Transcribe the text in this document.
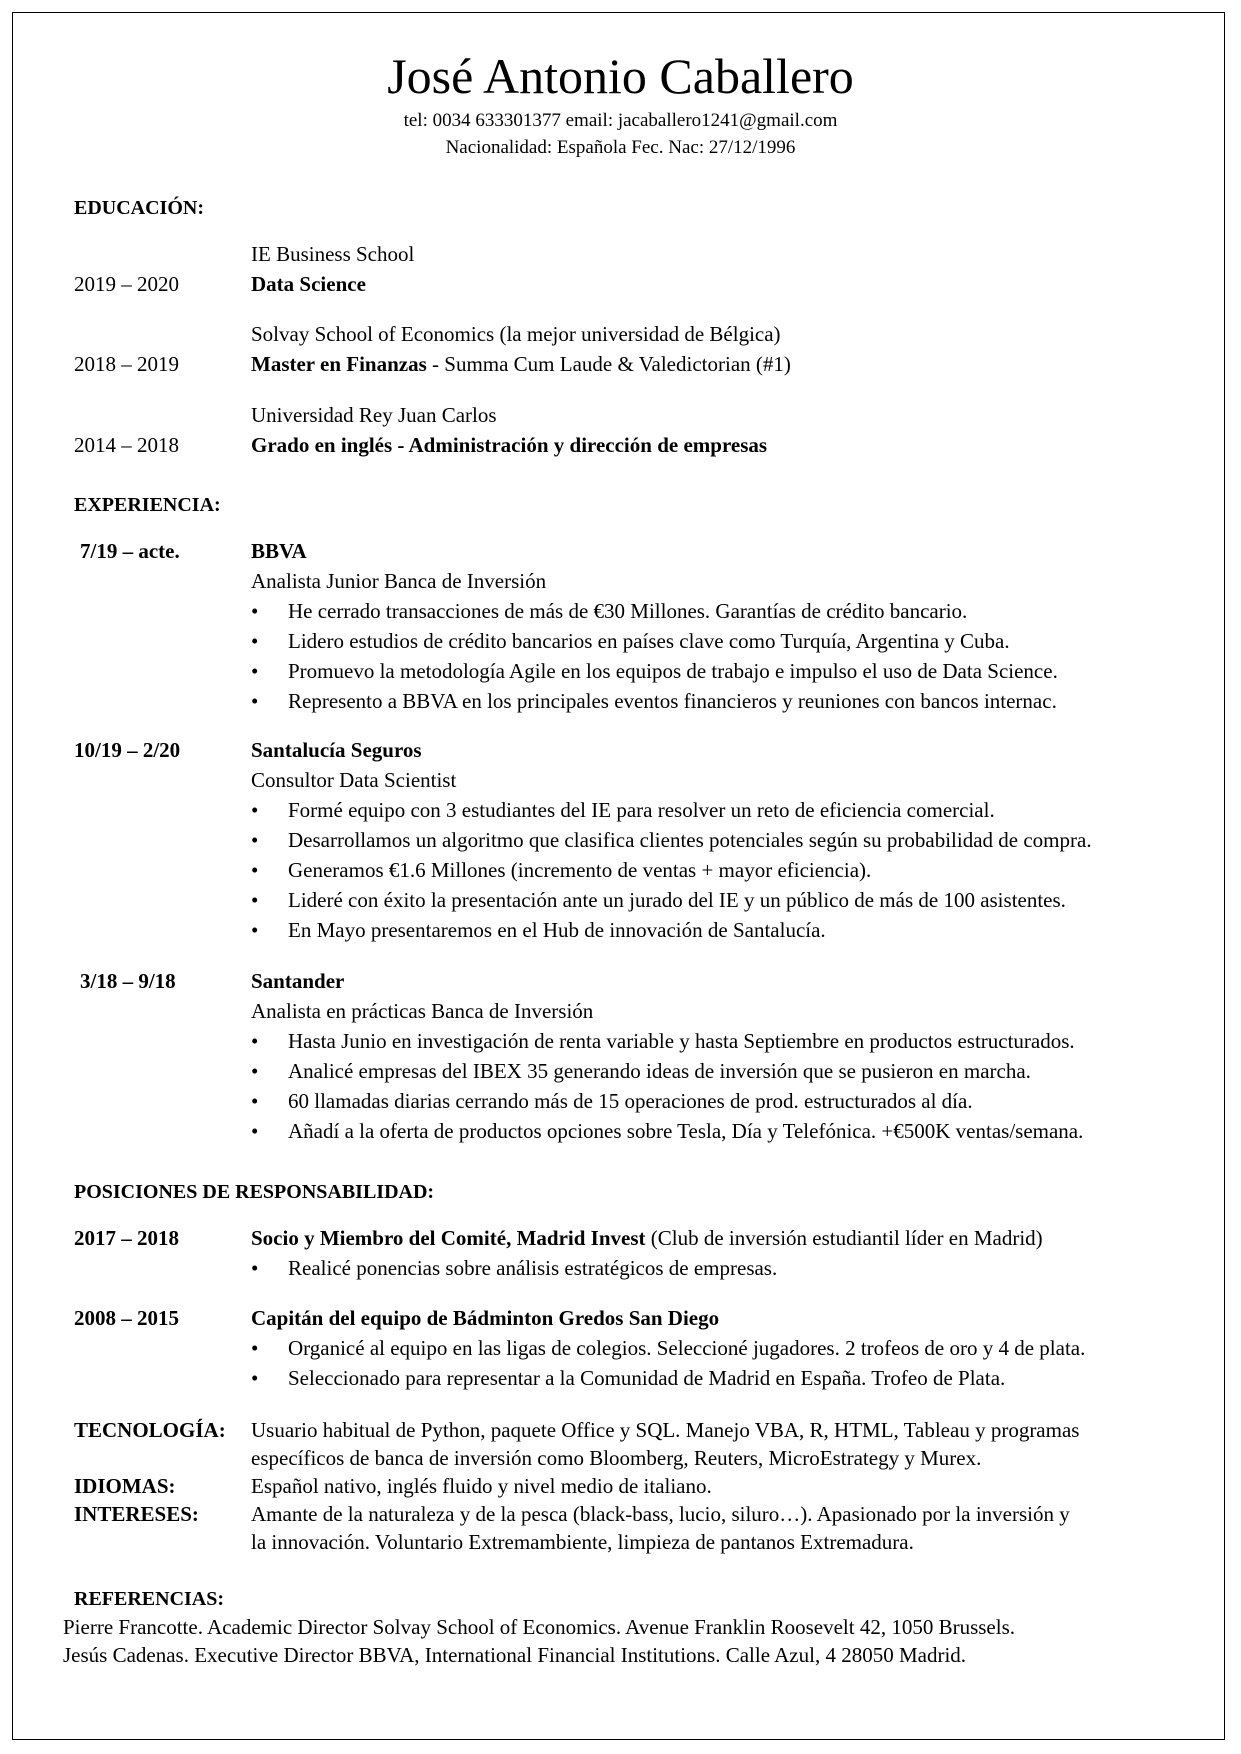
José Antonio Caballero
tel: 0034 633301377 email: jacaballero1241@gmail.com
Nacionalidad: Española Fec. Nac: 27/12/1996
EDUCACIÓN:
IE Business School
2019 – 2020	Data Science
Solvay School of Economics (la mejor universidad de Bélgica)
2018 – 2019	Master en Finanzas - Summa Cum Laude & Valedictorian (#1)
Universidad Rey Juan Carlos
2014 – 2018	Grado en inglés - Administración y dirección de empresas
EXPERIENCIA:
7/19 – acte.	BBVA
Analista Junior Banca de Inversión
• He cerrado transacciones de más de €30 Millones. Garantías de crédito bancario.
• Lidero estudios de crédito bancarios en países clave como Turquía, Argentina y Cuba.
• Promuevo la metodología Agile en los equipos de trabajo e impulso el uso de Data Science.
• Represento a BBVA en los principales eventos financieros y reuniones con bancos internac.
10/19 – 2/20	Santalucía Seguros
Consultor Data Scientist
• Formé equipo con 3 estudiantes del IE para resolver un reto de eficiencia comercial.
• Desarrollamos un algoritmo que clasifica clientes potenciales según su probabilidad de compra.
• Generamos €1.6 Millones (incremento de ventas + mayor eficiencia).
• Lideré con éxito la presentación ante un jurado del IE y un público de más de 100 asistentes.
• En Mayo presentaremos en el Hub de innovación de Santalucía.
3/18 – 9/18	Santander
Analista en prácticas Banca de Inversión
• Hasta Junio en investigación de renta variable y hasta Septiembre en productos estructurados.
• Analicé empresas del IBEX 35 generando ideas de inversión que se pusieron en marcha.
• 60 llamadas diarias cerrando más de 15 operaciones de prod. estructurados al día.
• Añadí a la oferta de productos opciones sobre Tesla, Día y Telefónica. +€500K ventas/semana.
POSICIONES DE RESPONSABILIDAD:
2017 – 2018	Socio y Miembro del Comité, Madrid Invest (Club de inversión estudiantil líder en Madrid)
• Realicé ponencias sobre análisis estratégicos de empresas.
2008 – 2015	Capitán del equipo de Bádminton Gredos San Diego
• Organicé al equipo en las ligas de colegios. Seleccioné jugadores. 2 trofeos de oro y 4 de plata.
• Seleccionado para representar a la Comunidad de Madrid en España. Trofeo de Plata.
TECNOLOGÍA: Usuario habitual de Python, paquete Office y SQL. Manejo VBA, R, HTML, Tableau y programas
específicos de banca de inversión como Bloomberg, Reuters, MicroEstrategy y Murex.
IDIOMAS:	Español nativo, inglés fluido y nivel medio de italiano.
INTERESES: Amante de la naturaleza y de la pesca (black-bass, lucio, siluro…). Apasionado por la inversión y
la innovación. Voluntario Extremambiente, limpieza de pantanos Extremadura.
REFERENCIAS:
Pierre Francotte. Academic Director Solvay School of Economics. Avenue Franklin Roosevelt 42, 1050 Brussels.
Jesús Cadenas. Executive Director BBVA, International Financial Institutions. Calle Azul, 4 28050 Madrid.
